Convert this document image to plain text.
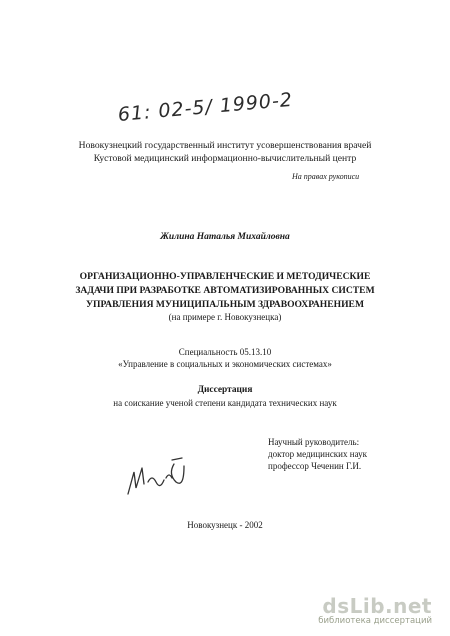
61: 02-5/ 1990-2
Новокузнецкий государственный институт усовершенствования врачей
Кустовой медицинский информационно-вычислительный центр
На правах рукописи
Жилина Наталья Михайловна
ОРГАНИЗАЦИОННО-УПРАВЛЕНЧЕСКИЕ И МЕТОДИЧЕСКИЕ
ЗАДАЧИ ПРИ РАЗРАБОТКЕ АВТОМАТИЗИРОВАННЫХ СИСТЕМ
УПРАВЛЕНИЯ МУНИЦИПАЛЬНЫМ ЗДРАВООХРАНЕНИЕМ
(на примере г. Новокузнецка)
Специальность 05.13.10
«Управление в социальных и экономических системах»
Диссертация
на соискание ученой степени кандидата технических наук
Научный руководитель:
доктор медицинских наук
профессор Чеченин Г.И.
Новокузнецк - 2002
dsLib.net
библиотека диссертаций
